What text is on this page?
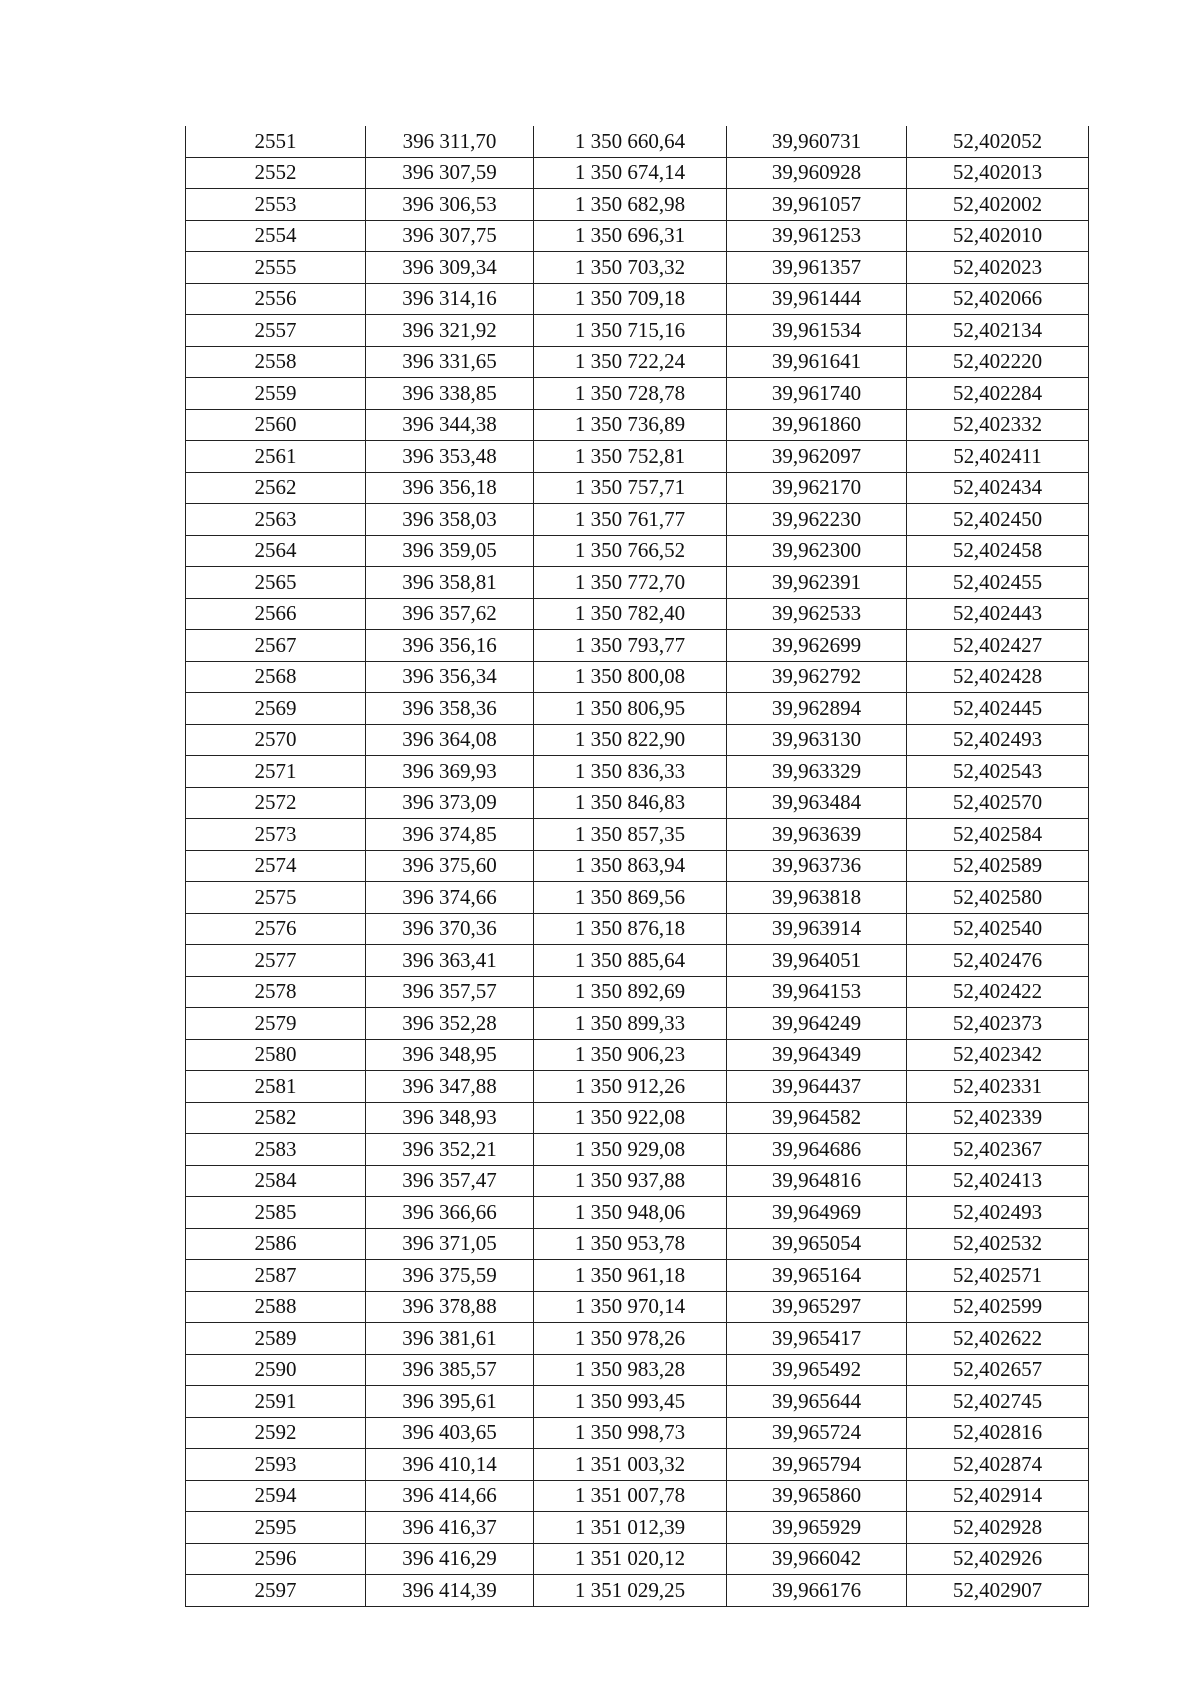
2551	396 311,70	1 350 660,64	39,960731	52,402052
2552	396 307,59	1 350 674,14	39,960928	52,402013
2553	396 306,53	1 350 682,98	39,961057	52,402002
2554	396 307,75	1 350 696,31	39,961253	52,402010
2555	396 309,34	1 350 703,32	39,961357	52,402023
2556	396 314,16	1 350 709,18	39,961444	52,402066
2557	396 321,92	1 350 715,16	39,961534	52,402134
2558	396 331,65	1 350 722,24	39,961641	52,402220
2559	396 338,85	1 350 728,78	39,961740	52,402284
2560	396 344,38	1 350 736,89	39,961860	52,402332
2561	396 353,48	1 350 752,81	39,962097	52,402411
2562	396 356,18	1 350 757,71	39,962170	52,402434
2563	396 358,03	1 350 761,77	39,962230	52,402450
2564	396 359,05	1 350 766,52	39,962300	52,402458
2565	396 358,81	1 350 772,70	39,962391	52,402455
2566	396 357,62	1 350 782,40	39,962533	52,402443
2567	396 356,16	1 350 793,77	39,962699	52,402427
2568	396 356,34	1 350 800,08	39,962792	52,402428
2569	396 358,36	1 350 806,95	39,962894	52,402445
2570	396 364,08	1 350 822,90	39,963130	52,402493
2571	396 369,93	1 350 836,33	39,963329	52,402543
2572	396 373,09	1 350 846,83	39,963484	52,402570
2573	396 374,85	1 350 857,35	39,963639	52,402584
2574	396 375,60	1 350 863,94	39,963736	52,402589
2575	396 374,66	1 350 869,56	39,963818	52,402580
2576	396 370,36	1 350 876,18	39,963914	52,402540
2577	396 363,41	1 350 885,64	39,964051	52,402476
2578	396 357,57	1 350 892,69	39,964153	52,402422
2579	396 352,28	1 350 899,33	39,964249	52,402373
2580	396 348,95	1 350 906,23	39,964349	52,402342
2581	396 347,88	1 350 912,26	39,964437	52,402331
2582	396 348,93	1 350 922,08	39,964582	52,402339
2583	396 352,21	1 350 929,08	39,964686	52,402367
2584	396 357,47	1 350 937,88	39,964816	52,402413
2585	396 366,66	1 350 948,06	39,964969	52,402493
2586	396 371,05	1 350 953,78	39,965054	52,402532
2587	396 375,59	1 350 961,18	39,965164	52,402571
2588	396 378,88	1 350 970,14	39,965297	52,402599
2589	396 381,61	1 350 978,26	39,965417	52,402622
2590	396 385,57	1 350 983,28	39,965492	52,402657
2591	396 395,61	1 350 993,45	39,965644	52,402745
2592	396 403,65	1 350 998,73	39,965724	52,402816
2593	396 410,14	1 351 003,32	39,965794	52,402874
2594	396 414,66	1 351 007,78	39,965860	52,402914
2595	396 416,37	1 351 012,39	39,965929	52,402928
2596	396 416,29	1 351 020,12	39,966042	52,402926
2597	396 414,39	1 351 029,25	39,966176	52,402907
